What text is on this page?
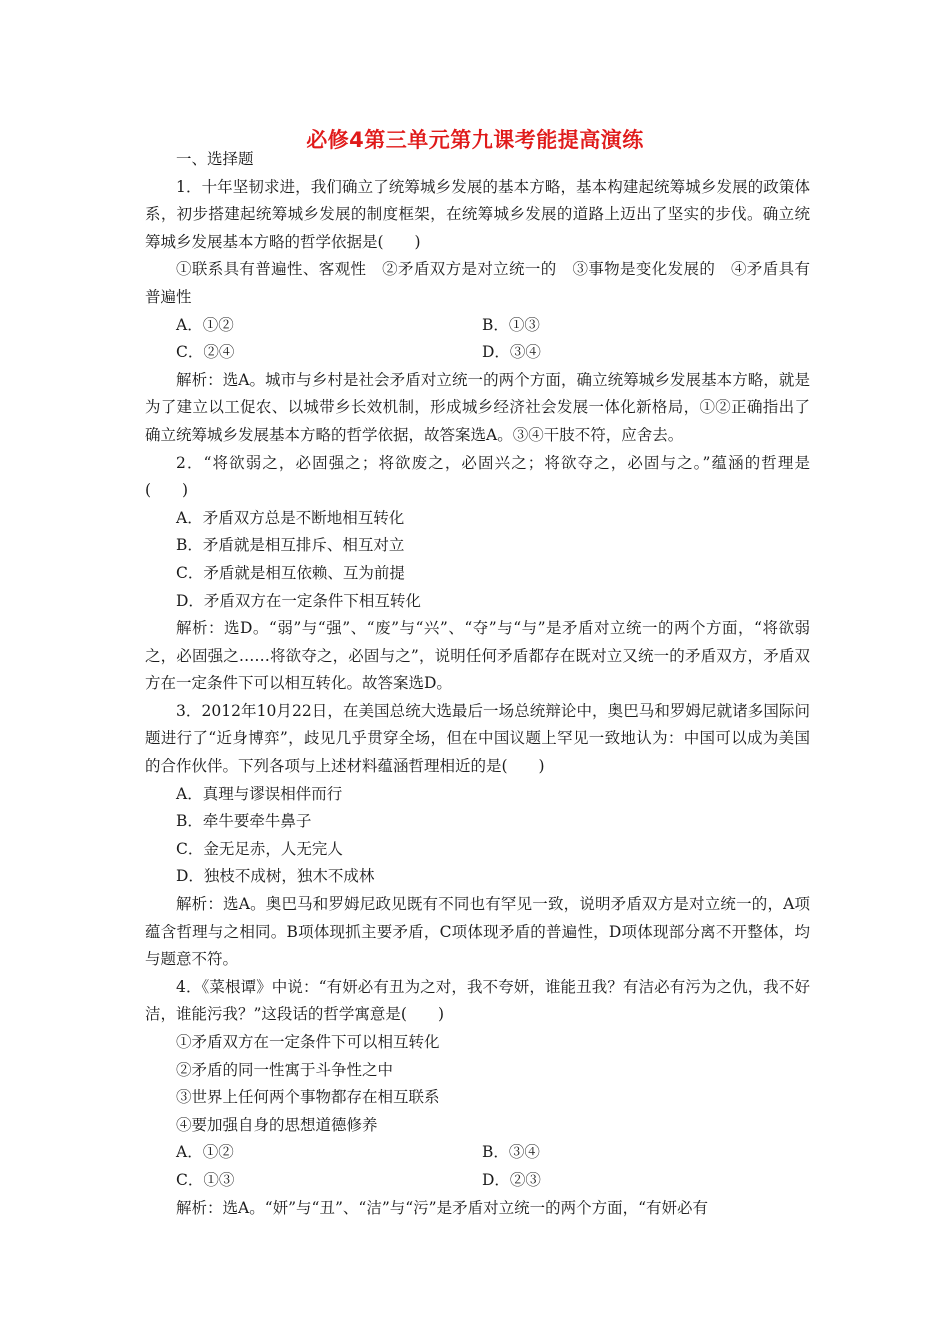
必修4第三单元第九课考能提高演练

一、选择题

1．十年坚韧求进，我们确立了统筹城乡发展的基本方略，基本构建起统筹城乡发展的政策体系，初步搭建起统筹城乡发展的制度框架，在统筹城乡发展的道路上迈出了坚实的步伐。确立统筹城乡发展基本方略的哲学依据是(　　)

①联系具有普遍性、客观性　②矛盾双方是对立统一的　③事物是变化发展的　④矛盾具有普遍性

A．①②	B．①③
C．②④	D．③④

解析：选A。城市与乡村是社会矛盾对立统一的两个方面，确立统筹城乡发展基本方略，就是为了建立以工促农、以城带乡长效机制，形成城乡经济社会发展一体化新格局，①②正确指出了确立统筹城乡发展基本方略的哲学依据，故答案选A。③④干肢不符，应舍去。

2．“将欲弱之，必固强之；将欲废之，必固兴之；将欲夺之，必固与之。”蕴涵的哲理是(　　)

A．矛盾双方总是不断地相互转化

B．矛盾就是相互排斥、相互对立

C．矛盾就是相互依赖、互为前提

D．矛盾双方在一定条件下相互转化

解析：选D。“弱”与“强”、“废”与“兴”、“夺”与“与”是矛盾对立统一的两个方面，“将欲弱之，必固强之……将欲夺之，必固与之”，说明任何矛盾都存在既对立又统一的矛盾双方，矛盾双方在一定条件下可以相互转化。故答案选D。

3．2012年10月22日，在美国总统大选最后一场总统辩论中，奥巴马和罗姆尼就诸多国际问题进行了“近身博弈”，歧见几乎贯穿全场，但在中国议题上罕见一致地认为：中国可以成为美国的合作伙伴。下列各项与上述材料蕴涵哲理相近的是(　　)

A．真理与谬误相伴而行

B．牵牛要牵牛鼻子

C．金无足赤，人无完人

D．独枝不成树，独木不成林

解析：选A。奥巴马和罗姆尼政见既有不同也有罕见一致，说明矛盾双方是对立统一的，A项蕴含哲理与之相同。B项体现抓主要矛盾，C项体现矛盾的普遍性，D项体现部分离不开整体，均与题意不符。

4．《菜根谭》中说：“有妍必有丑为之对，我不夸妍，谁能丑我？有洁必有污为之仇，我不好洁，谁能污我？”这段话的哲学寓意是(　　)

①矛盾双方在一定条件下可以相互转化

②矛盾的同一性寓于斗争性之中

③世界上任何两个事物都存在相互联系

④要加强自身的思想道德修养

A．①②	B．③④
C．①③	D．②③

解析：选A。“妍”与“丑”、“洁”与“污”是矛盾对立统一的两个方面，“有妍必有
